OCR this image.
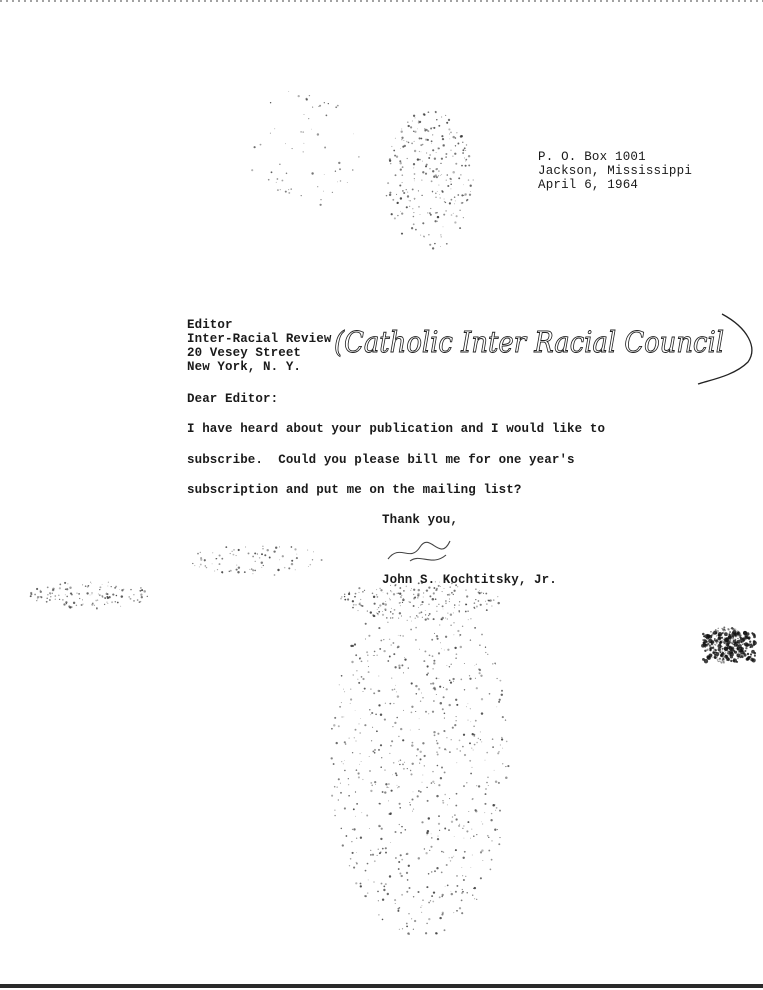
P. O. Box 1001
Jackson, Mississippi
April 6, 1964
Editor
Inter-Racial Review
20 Vesey Street
New York, N. Y.
(Catholic Inter Racial Council
Dear Editor:
I have heard about your publication and I would like to
subscribe.  Could you please bill me for one year's
subscription and put me on the mailing list?
Thank you,
John S. Kochtitsky, Jr.
